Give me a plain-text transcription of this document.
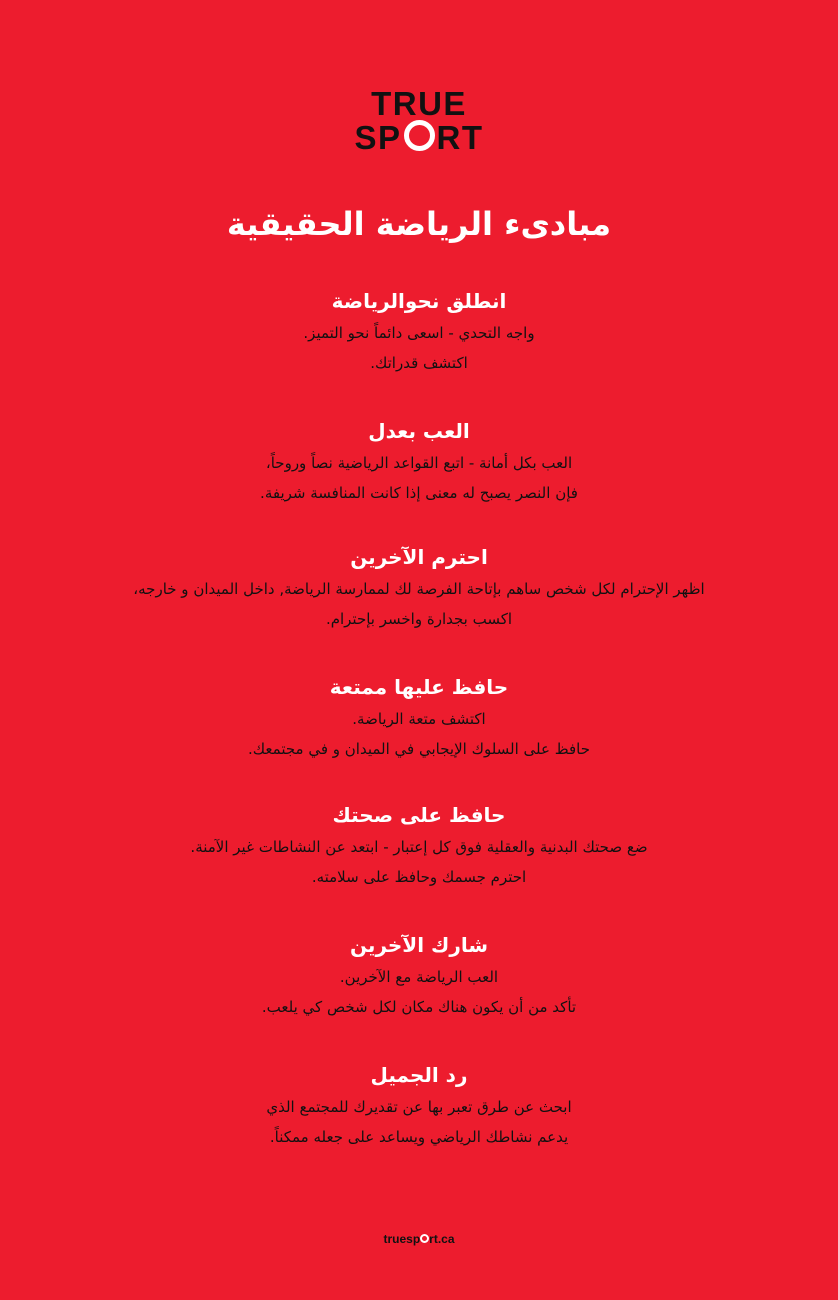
TRUE
SP RT
مبادىء الرياضة الحقيقية
انطلق نحوالرياضة

واجه التحدي - اسعى دائماً نحو التميز.

اكتشف قدراتك.

العب بعدل

العب بكل أمانة - اتبع القواعد الرياضية نصاً وروحاً،

فإن النصر يصبح له معنى إذا كانت المنافسة شريفة.

احترم الآخرين

اظهر الإحترام لكل شخص ساهم بإتاحة الفرصة لك لممارسة الرياضة, داخل الميدان و خارجه،

اكسب بجدارة واخسر بإحترام.

حافظ عليها ممتعة

اكتشف متعة الرياضة.

حافظ على السلوك الإيجابي في الميدان و في مجتمعك.

حافظ على صحتك

ضع صحتك البدنية والعقلية فوق كل إعتبار - ابتعد عن النشاطات غير الآمنة.

احترم جسمك وحافظ على سلامته.

شارك الآخرين

العب الرياضة مع الآخرين.

تأكد من أن يكون هناك مكان لكل شخص كي يلعب.

رد الجميل

ابحث عن طرق تعبر بها عن تقديرك للمجتمع الذي

يدعم نشاطك الرياضي ويساعد على جعله ممكناً.

truesp rt.ca
